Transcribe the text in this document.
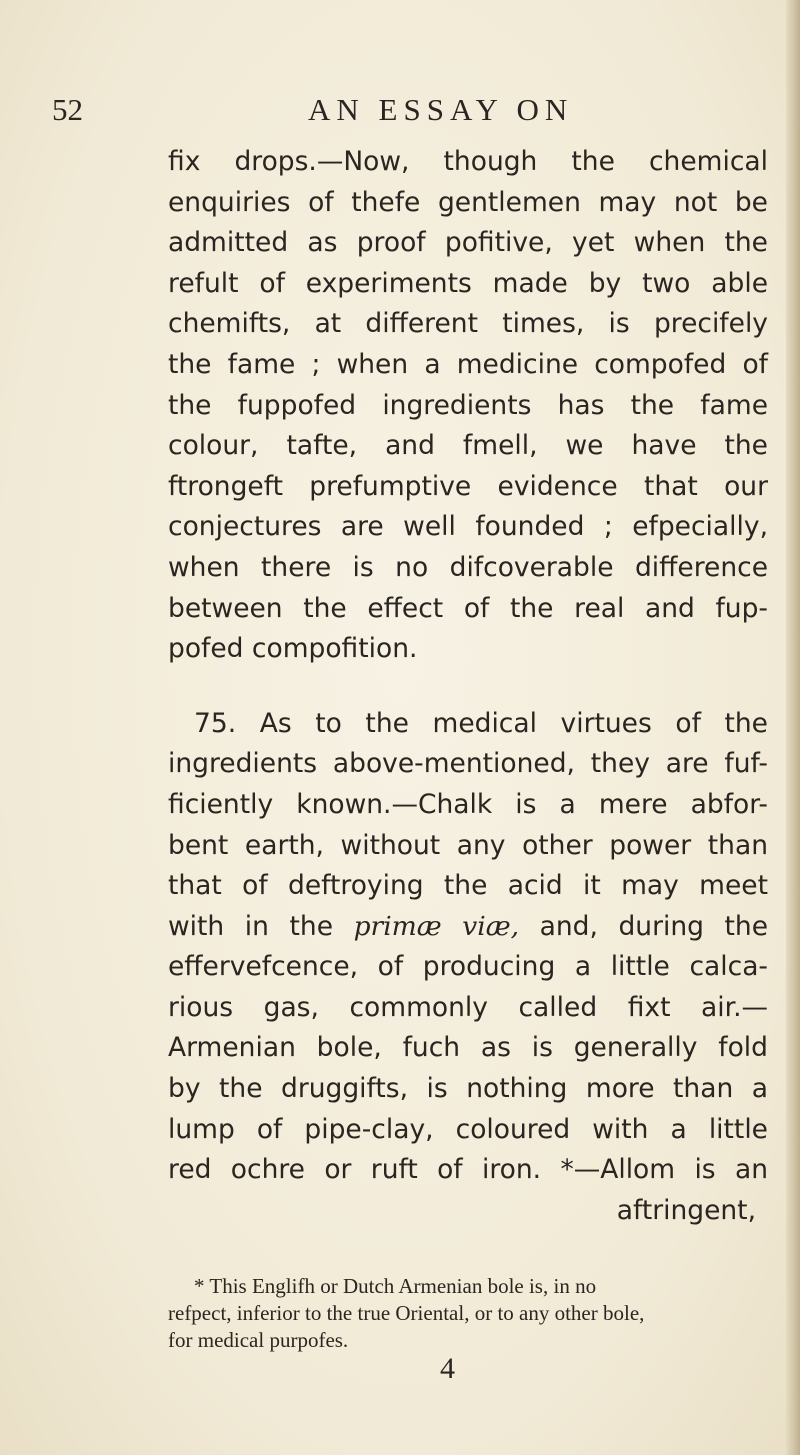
52	AN ESSAY ON
fix drops.—Now, though the chemical
enquiries of thefe gentlemen may not be
admitted as proof pofitive, yet when the
refult of experiments made by two able
chemifts, at different times, is precifely
the fame ; when a medicine compofed of
the fuppofed ingredients has the fame
colour, tafte, and fmell, we have the
ftrongeft prefumptive evidence that our
conjectures are well founded ; efpecially,
when there is no difcoverable difference
between the effect of the real and fup-
pofed compofition.
75. As to the medical virtues of the
ingredients above-mentioned, they are fuf-
ficiently known.—Chalk is a mere abfor-
bent earth, without any other power than
that of deftroying the acid it may meet
with in the primæ viæ, and, during the
effervefcence, of producing a little calca-
rious gas, commonly called fixt air.—
Armenian bole, fuch as is generally fold
by the druggifts, is nothing more than a
lump of pipe-clay, coloured with a little
red ochre or ruft of iron. *—Allom is an
aftringent,
* This Englifh or Dutch Armenian bole is, in no
refpect, inferior to the true Oriental, or to any other bole,
for medical purpofes.
4
